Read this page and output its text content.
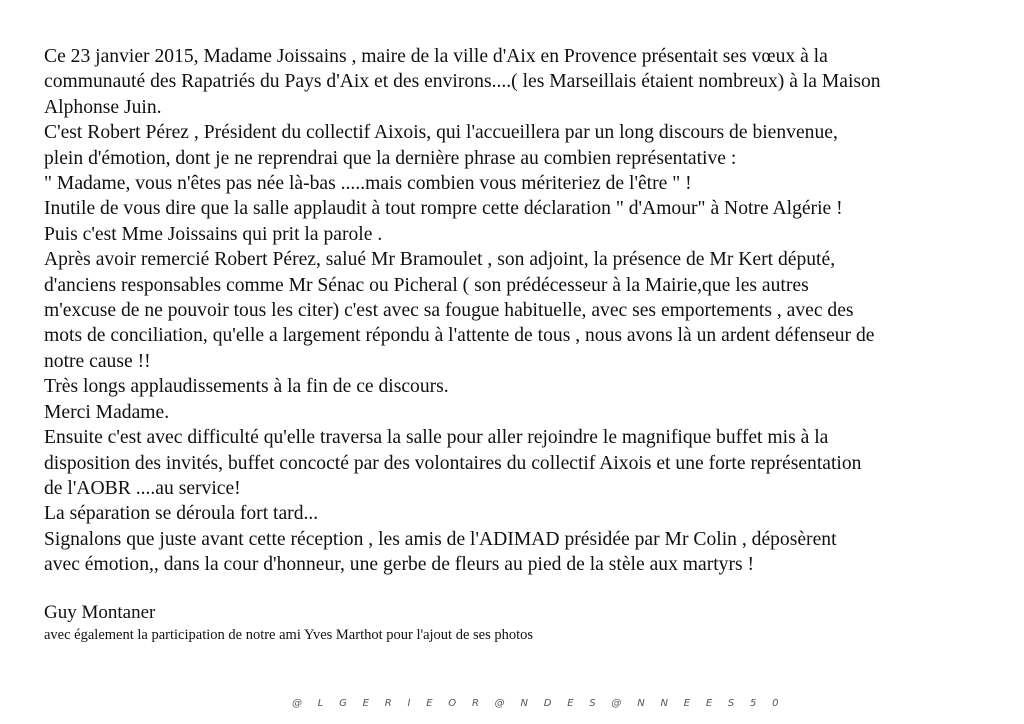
Ce 23 janvier 2015, Madame Joissains , maire de la ville d'Aix en Provence présentait ses vœux à la
communauté des Rapatriés du Pays d'Aix et des environs....( les Marseillais étaient nombreux) à la Maison
Alphonse Juin.
C'est Robert Pérez , Président du collectif Aixois, qui l'accueillera par un long discours de bienvenue,
plein d'émotion, dont je ne reprendrai que la dernière phrase au combien représentative :
" Madame, vous n'êtes pas née là-bas .....mais combien vous mériteriez de l'être " !
Inutile de vous dire que la salle applaudit à tout rompre cette déclaration " d'Amour" à Notre Algérie !
Puis c'est Mme Joissains qui prit la parole .
Après avoir remercié Robert Pérez, salué Mr Bramoulet , son adjoint, la présence de Mr Kert député,
d'anciens responsables comme Mr Sénac ou Picheral ( son prédécesseur à la Mairie,que les autres
m'excuse de ne pouvoir tous les citer) c'est avec sa fougue habituelle, avec ses emportements , avec des
mots de conciliation, qu'elle a largement répondu à l'attente de tous , nous avons là un ardent défenseur de
notre cause !!
Très longs applaudissements à la fin de ce discours.
Merci Madame.
Ensuite c'est avec difficulté qu'elle traversa la salle pour aller rejoindre le magnifique buffet mis à la
disposition des invités, buffet concocté par des volontaires du collectif Aixois et une forte représentation
de l'AOBR ....au service!
La séparation se déroula fort tard...
Signalons que juste avant cette réception , les amis de l'ADIMAD présidée par Mr Colin , déposèrent
avec émotion,, dans la cour d'honneur, une gerbe de fleurs au pied de la stèle aux martyrs !
Guy Montaner
avec également la participation de notre ami Yves Marthot pour l'ajout de ses photos
@ L G E R I E O R @ N D E S @ N N E E S 5 0
